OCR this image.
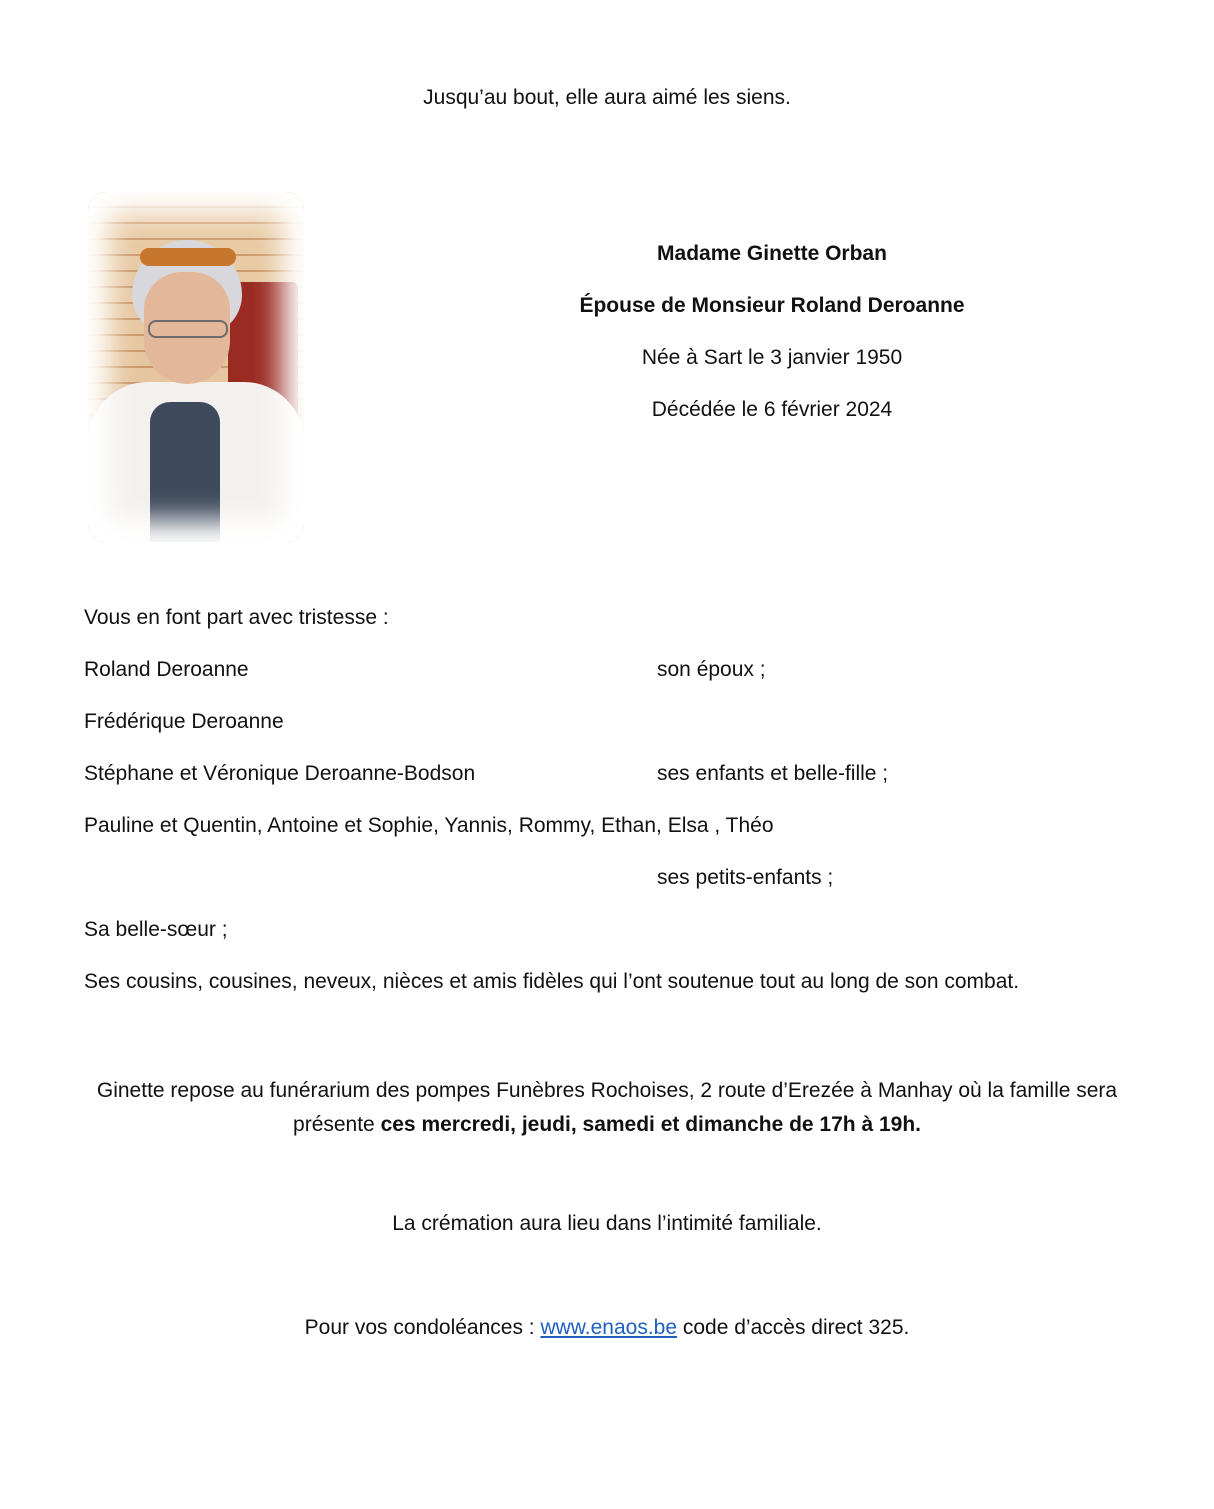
Jusqu’au bout, elle aura aimé les siens.
Madame Ginette Orban
Épouse de Monsieur Roland Deroanne
Née à Sart le 3 janvier 1950
Décédée le 6 février 2024
Vous en font part avec tristesse :
Roland Deroanne	son époux ;
Frédérique Deroanne
Stéphane et Véronique Deroanne-Bodson	ses enfants et belle-fille ;
Pauline et Quentin, Antoine et Sophie, Yannis, Rommy, Ethan, Elsa , Théo
ses petits-enfants ;
Sa belle-sœur ;
Ses cousins, cousines, neveux, nièces et amis fidèles qui l’ont soutenue tout au long de son combat.
Ginette repose au funérarium des pompes Funèbres Rochoises, 2 route d’Erezée à Manhay où la famille sera présente ces mercredi, jeudi, samedi et dimanche de 17h à 19h.
La crémation aura lieu dans l’intimité familiale.
Pour vos condoléances : www.enaos.be code d’accès direct 325.
